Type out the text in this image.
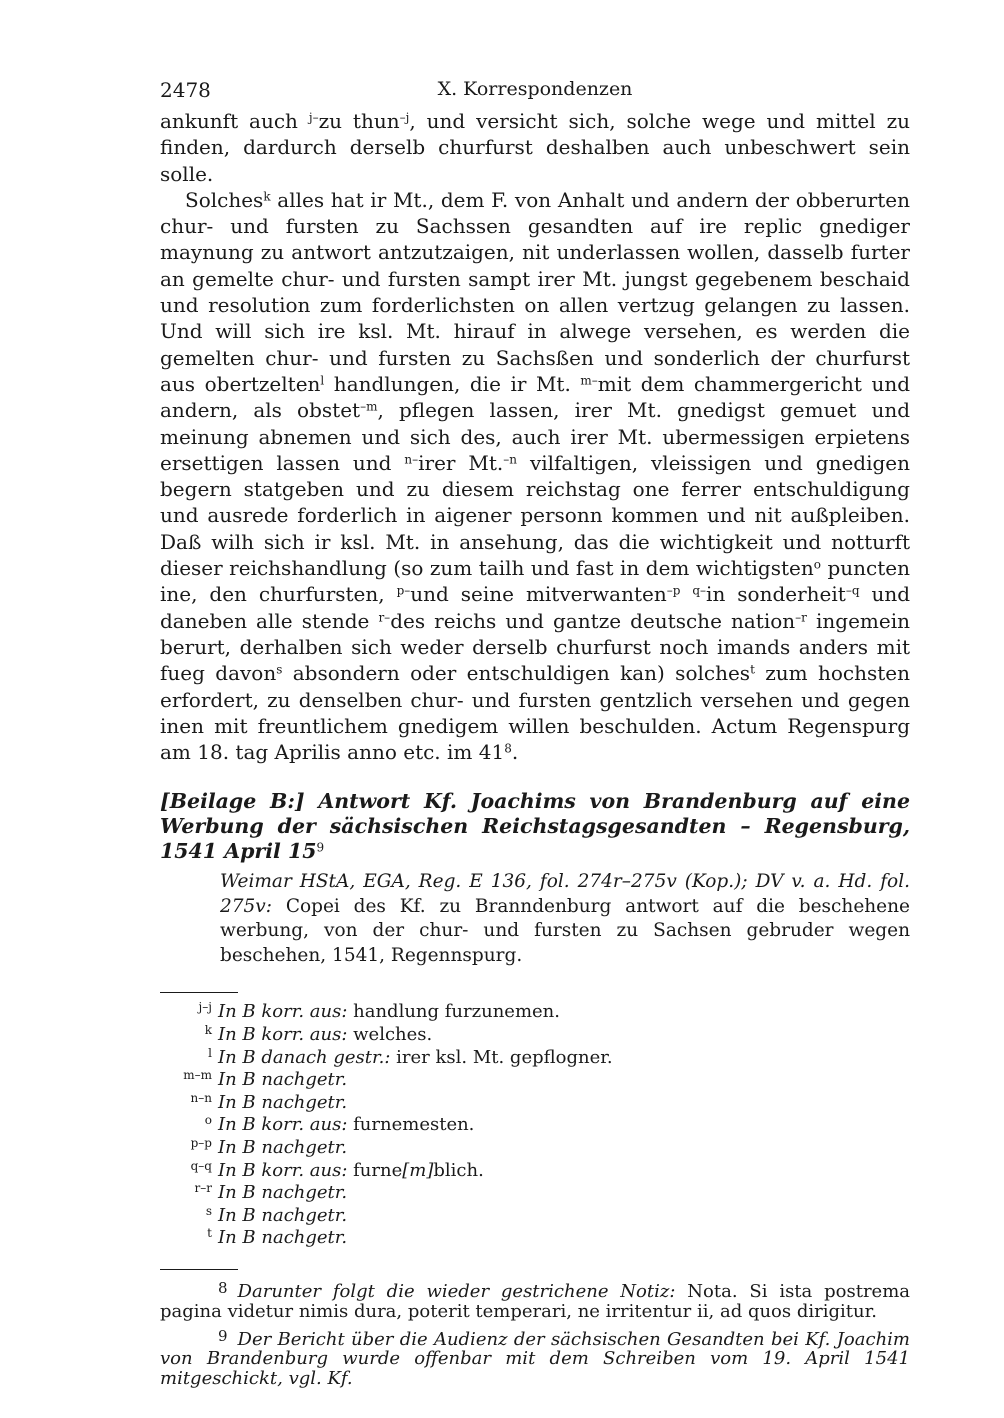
2478	X. Korrespondenzen

ankunft auch $^{j-}$zu thun$^{-j}$, und versicht sich, solche wege und mittel zu finden, dardurch derselb churfurst deshalben auch unbeschwert sein solle.

Solches$^k$ alles hat ir Mt., dem F. von Anhalt und andern der obberurten chur- und fursten zu Sachssen gesandten auf ire replic gnediger maynung zu antwort antzutzaigen, nit underlassen wollen, dasselb furter an gemelte chur- und fursten sampt irer Mt. jungst gegebenem beschaid und resolution zum forderlichsten on allen vertzug gelangen zu lassen. Und will sich ire ksl. Mt. hirauf in alwege versehen, es werden die gemelten chur- und fursten zu Sachsßen und sonderlich der churfurst aus obertzelten$^l$ handlungen, die ir Mt. $^{m-}$mit dem chammergericht und andern, als obstet$^{-m}$, pflegen lassen, irer Mt. gnedigst gemuet und meinung abnemen und sich des, auch irer Mt. ubermessigen erpietens ersettigen lassen und $^{n-}$irer Mt.$^{-n}$ vilfaltigen, vleissigen und gnedigen begern statgeben und zu diesem reichstag one ferrer entschuldigung und ausrede forderlich in aigener personn kommen und nit außpleiben. Daß wilh sich ir ksl. Mt. in ansehung, das die wichtigkeit und notturft dieser reichshandlung (so zum tailh und fast in dem wichtigsten$^o$ puncten ine, den churfursten, $^{p-}$und seine mitverwanten$^{-p}$ $^{q-}$in sonderheit$^{-q}$ und daneben alle stende $^{r-}$des reichs und gantze deutsche nation$^{-r}$ ingemein berurt, derhalben sich weder derselb churfurst noch imands anders mit fueg davon$^s$ absondern oder entschuldigen kan) solches$^t$ zum hochsten erfordert, zu denselben chur- und fursten gentzlich versehen und gegen inen mit freuntlichem gnedigem willen beschulden. Actum Regenspurg am 18. tag Aprilis anno etc. im $41^8$.

[Beilage B:] Antwort Kf. Joachims von Brandenburg auf eine Werbung der sächsischen Reichstagsgesandten – Regensburg, 1541 April $15^9$
Weimar HStA, EGA, Reg. E 136, fol. 274r–275v (Kop.); DV v. a. Hd. fol. 275v: Copei des Kf. zu Branndenburg antwort auf die beschehene werbung, von der chur- und fursten zu Sachsen gebruder wegen beschehen, 1541, Regennspurg.
$^{j-j}$ In B korr. aus: handlung furzunemen.
$^k$ In B korr. aus: welches.
$^l$ In B danach gestr.: irer ksl. Mt. gepflogner.
$^{m-m}$ In B nachgetr.
$^{n-n}$ In B nachgetr.
$^o$ In B korr. aus: furnemesten.
$^{p-p}$ In B nachgetr.
$^{q-q}$ In B korr. aus: furne[m]blich.
$^{r-r}$ In B nachgetr.
$^s$ In B nachgetr.
$^t$ In B nachgetr.

$^8$ Darunter folgt die wieder gestrichene Notiz: Nota. Si ista postrema pagina videtur nimis dura, poterit temperari, ne irritentur ii, ad quos dirigitur.

$^9$ Der Bericht über die Audienz der sächsischen Gesandten bei Kf. Joachim von Brandenburg wurde offenbar mit dem Schreiben vom 19. April 1541 mitgeschickt, vgl. Kf.
